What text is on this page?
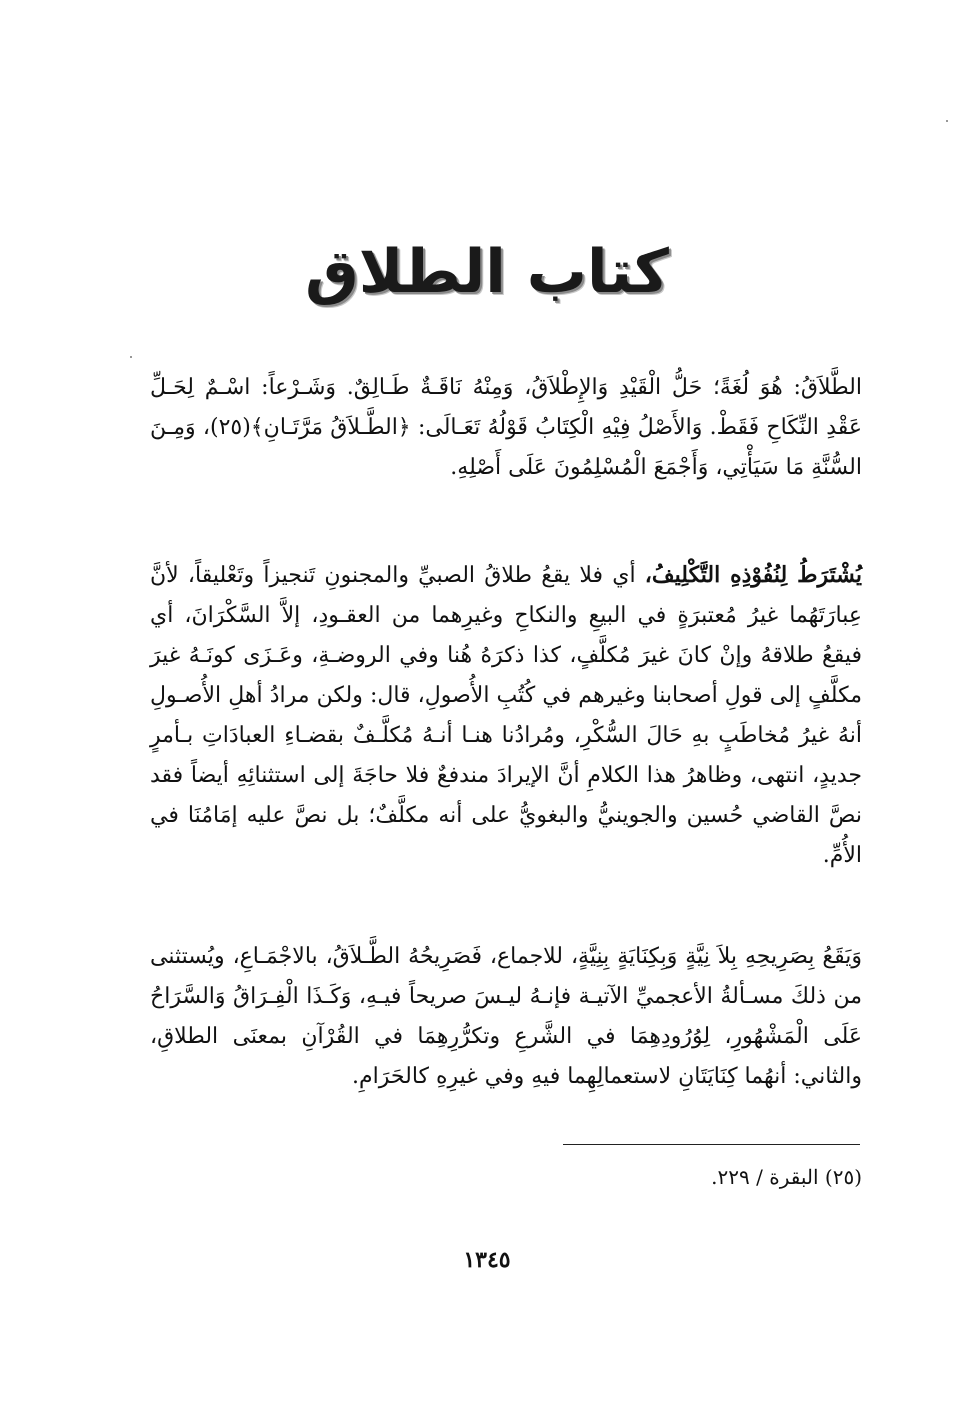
كتاب الطلاق
الطَّلاَقُ: هُوَ لُغَةً؛ حَلُّ الْقَيْدِ وَالإِطْلاَقُ، وَمِنْهُ نَاقَـةٌ طَـالِقٌ. وَشَـرْعاً: اسْـمٌ لِحَـلِّ عَقْدِ النِّكَاحِ فَقَطْ. وَالأَصْلُ فِيْهِ الْكِتَابُ قَوْلُهُ تَعَـالَى: ﴿الطَّـلاَقُ مَرَّتَـانِ﴾(٢٥)، وَمِـنَ السُّنَّةِ مَا سَيَأْتِي، وَأَجْمَعَ الْمُسْلِمُونَ عَلَى أَصْلِهِ.
يُشْتَرَطُ لِنُفُوْذِهِ التَّكْلِيفُ، أي فلا يقعُ طلاقُ الصبيِّ والمجنونِ تَنجيزاً وتَعْليقاً، لأنَّ عِبارَتَهُما غيرُ مُعتبرَةٍ في البيعِ والنكاحِ وغيرِهما من العقـودِ، إلاَّ السَّكْرَانَ، أي فيقعُ طلاقهُ وإنْ كانَ غيرَ مُكلَّفٍ، كذا ذكرَهُ هُنا وفي الروضـةِ، وعَـزَى كونَـهُ غيرَ مكلَّفٍ إلى قولِ أصحابنا وغيرهم في كُتُبِ الأُصولِ، قال: ولكن مرادُ أهلِ الأُصـولِ أنهُ غيرُ مُخاطَبٍ بهِ حَالَ السُّكْرِ، ومُرادُنا هنـا أنـهُ مُكلَّـفٌ بقضـاءِ العبادَاتِ بـأمرٍ جديدٍ، انتهى، وظاهرُ هذا الكلامِ أنَّ الإيرادَ مندفعٌ فلا حاجَةَ إلى استثنائِهِ أيضاً فقد نصَّ القاضي حُسين والجوينيُّ والبغويُّ على أنه مكلَّفٌ؛ بل نصَّ عليه إمَامُنَا في الأُمِّ.
وَيَقَعُ بِصَرِيحِهِ بِلاَ نِيَّةٍ وَبِكِنَايَةٍ بِنِيَّةٍ، للاجماع، فَصَرِيحُهُ الطَّـلاَقُ، بالاجْمَـاعِ، ويُستثنى من ذلكَ مسـألةُ الأعجميِّ الآتيـة فإنـهُ ليـسَ صريحاً فيـهِ، وَكَـذَا الْفِـرَاقُ وَالسَّرَاحُ عَلَى الْمَشْهُورِ، لِوُرُودِهِمَا في الشَّرعِ وتكرُّرِهِمَا في القُرْآنِ بمعنَى الطلاقِ، والثاني: أنهُما كِنَايَتَانِ لاستعمالِهِما فيهِ وفي غيرِهِ كالحَرَامِ.
(٢٥) البقرة / ٢٢٩.
١٣٤٥
